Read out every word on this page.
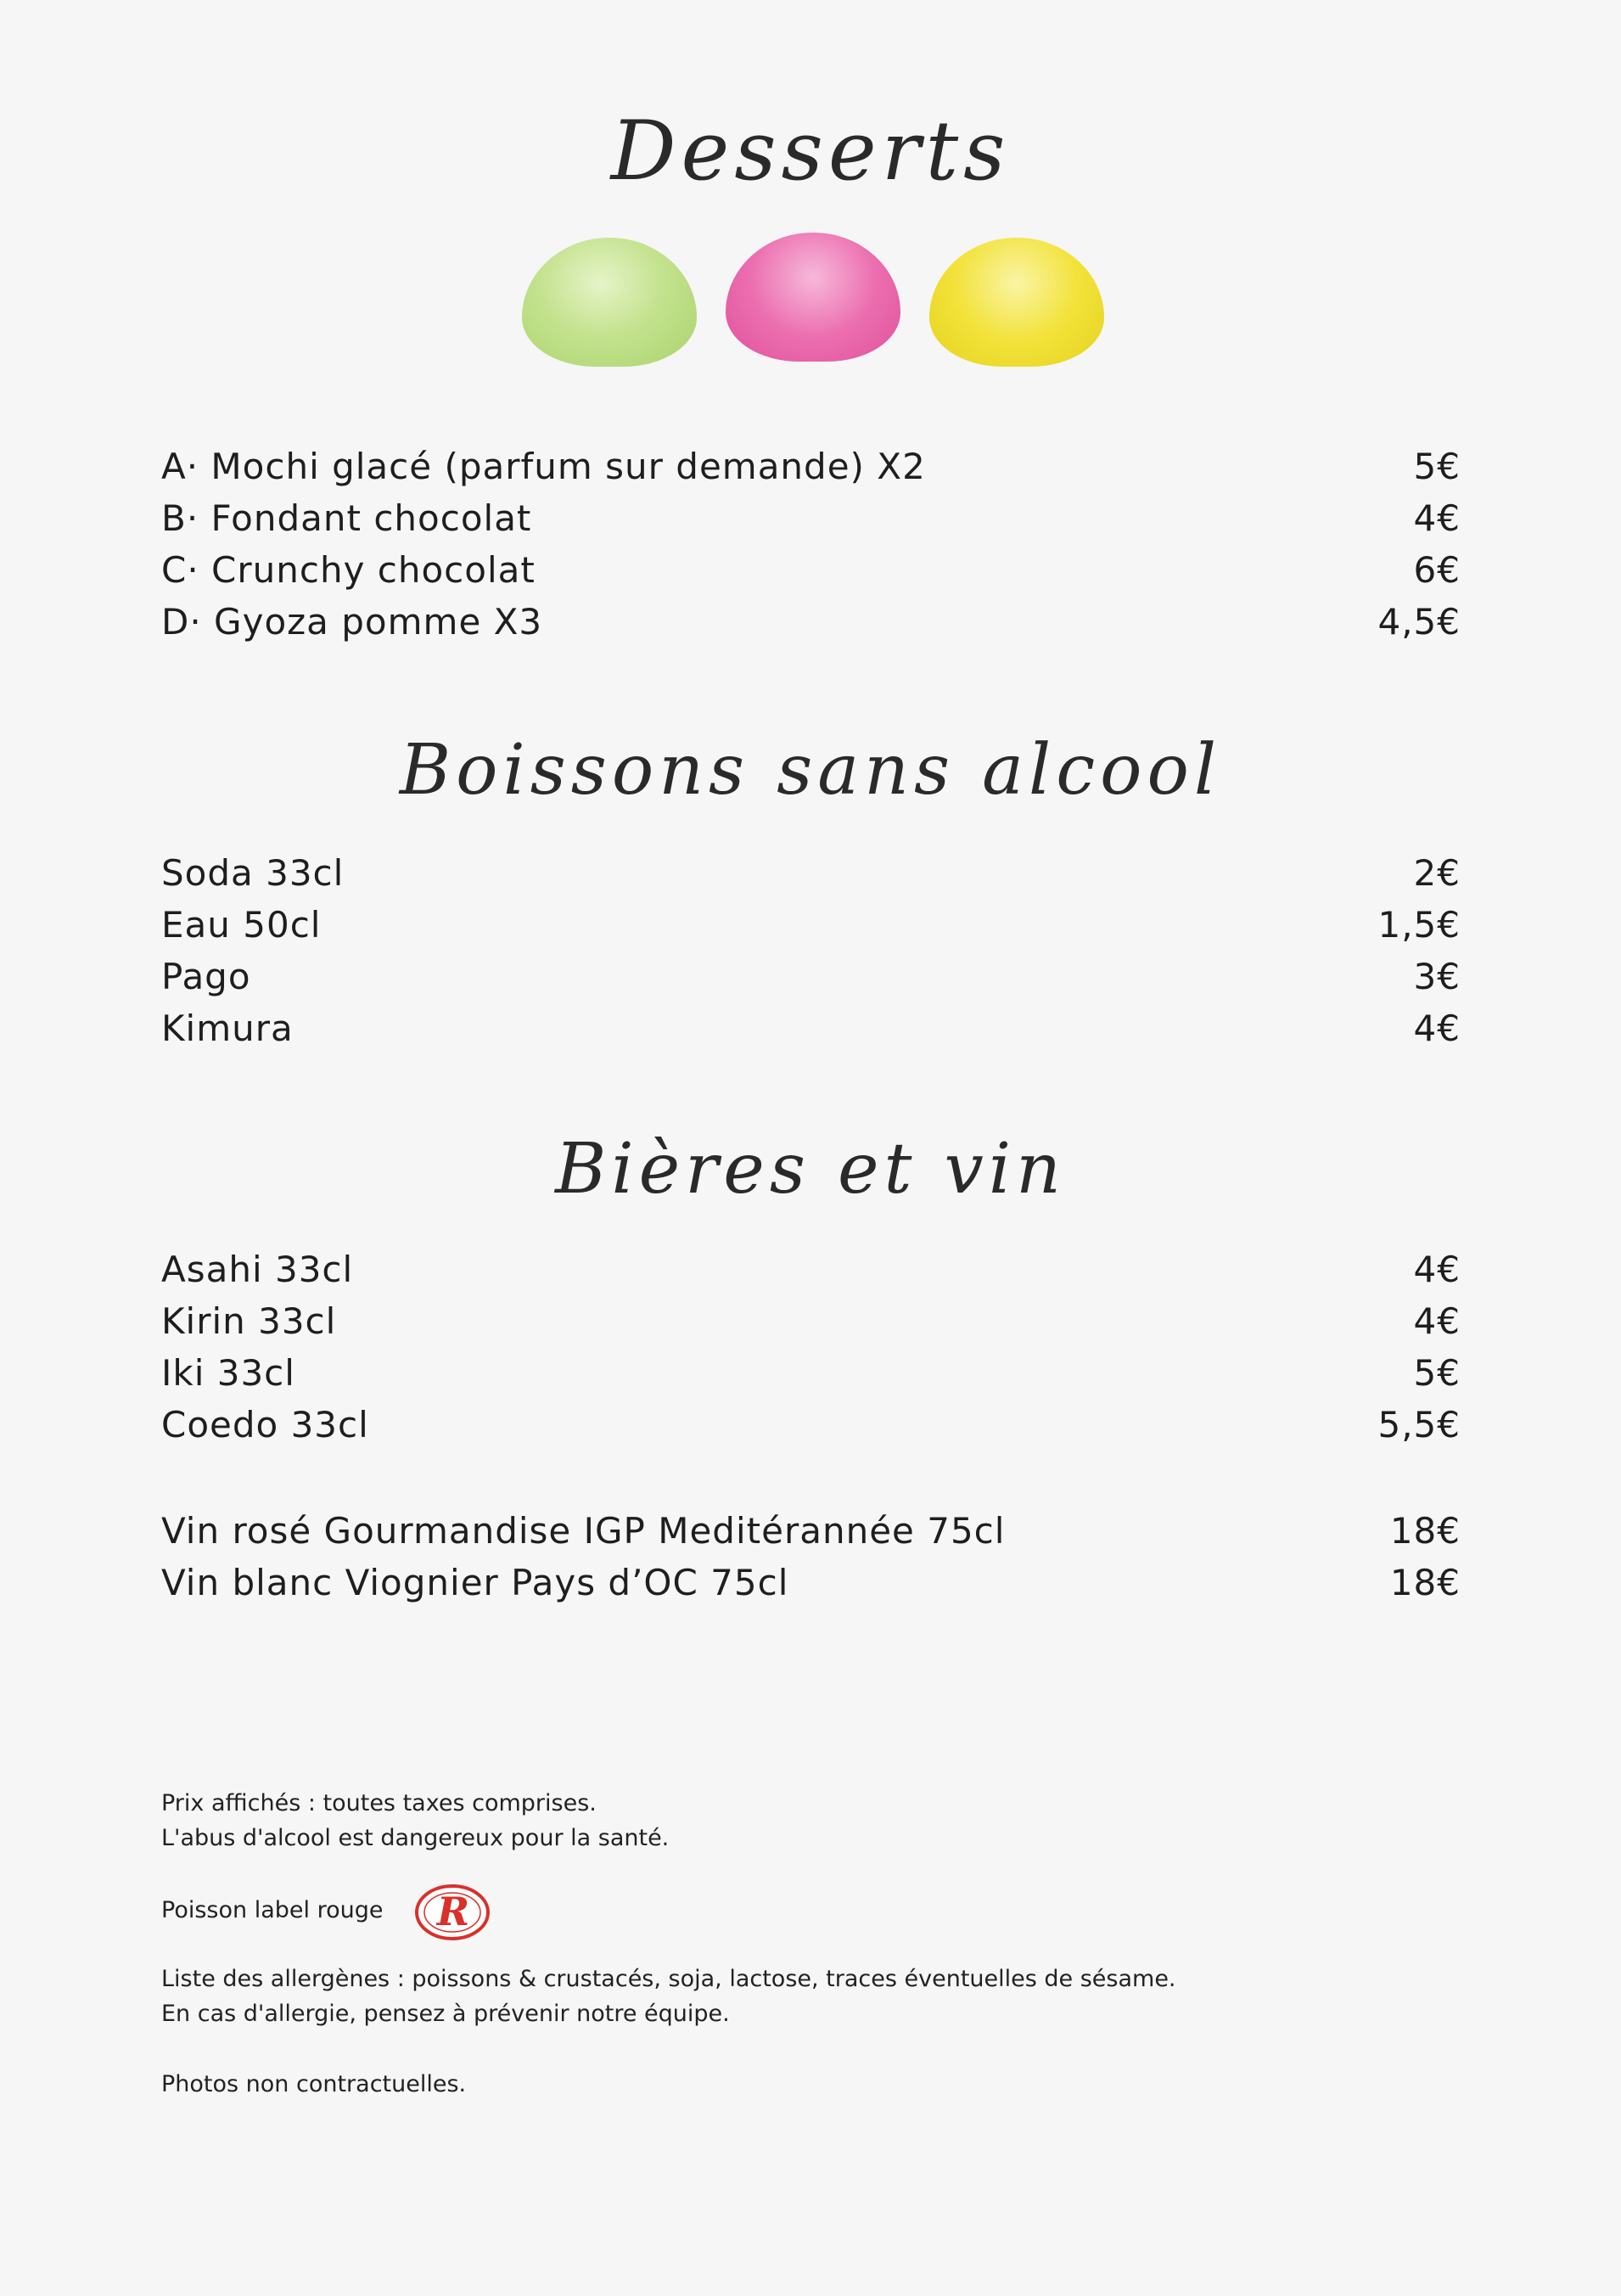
Desserts
A· Mochi glacé (parfum sur demande) X2	5€
B· Fondant chocolat	4€
C· Crunchy chocolat	6€
D· Gyoza pomme X3	4,5€
Boissons sans alcool
Soda 33cl	2€
Eau 50cl	1,5€
Pago	3€
Kimura	4€
Bières et vin
Asahi 33cl	4€
Kirin 33cl	4€
Iki 33cl	5€
Coedo 33cl	5,5€
Vin rosé Gourmandise IGP Meditérannée 75cl	18€
Vin blanc Viognier Pays d’OC 75cl	18€

Prix affichés : toutes taxes comprises.

L'abus d'alcool est dangereux pour la santé.

Poisson label rouge R

Liste des allergènes : poissons & crustacés, soja, lactose, traces éventuelles de sésame.

En cas d'allergie, pensez à prévenir notre équipe.

Photos non contractuelles.
